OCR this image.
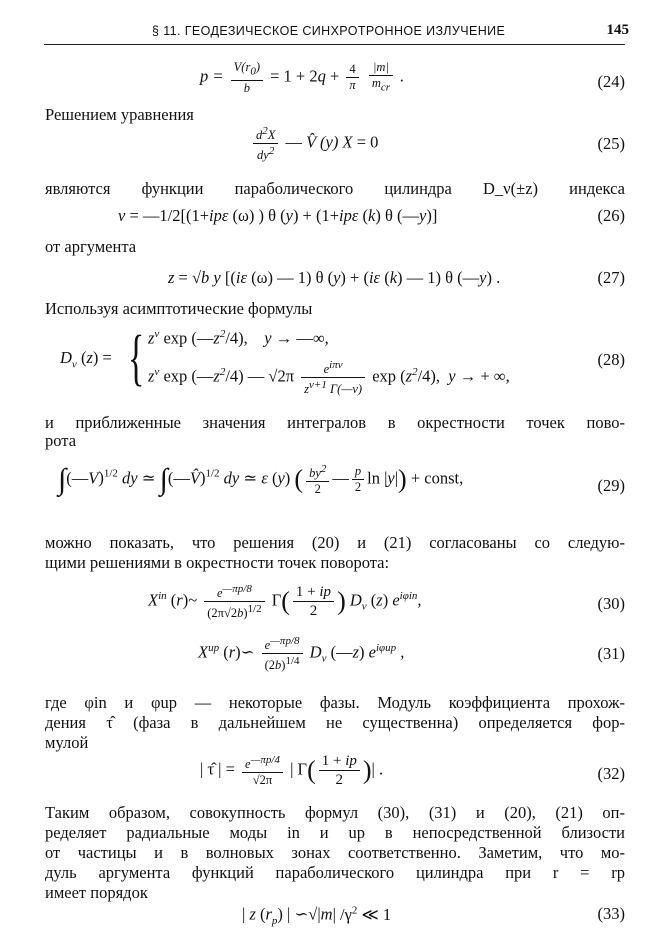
§ 11. ГЕОДЕЗИЧЕСКОЕ СИНХРОТРОННОЕ ИЗЛУЧЕНИЕ	145
$p = \frac{V(r_0)}{b} = 1 + 2q + \frac{4}{\pi}$
$\frac{|m|}{m_{cr}}$ .	(24)
Решением уравнения
$\frac{d^2X}{dy^2}$ — V̂ (y) X = 0	(25)
являются функции параболического цилиндра D_ν(±z) индекса
ν = —1/2[(1+ipε (ω) ) θ (y) + (1+ipε (k) θ (—y)]	(26)
от аргумента
z = √b y [(iε (ω) — 1) θ (y) + (iε (k) — 1) θ (—y) .	(27)
Используя асимптотические формулы
$D_\nu$ (z) = { $z^\nu$ $\exp (—z^2/4)$,    y → —∞,
$z^\nu$ $\exp (—z^2/4)$ — $√2\pi \frac{e^{i\pi\nu}}{z^{\nu+1} \Gamma(—\nu)}$ $\exp (z^2/4)$,  y → + ∞,
(28)
и приближенные значения интегралов в окрестности точек пово-
рота
∫(—V)$^{1/2}$ dy ≃ ∫(—V̂)$^{1/2}$ dy ≃ ε (y) ( $\frac{by^2}{2}$ — $\frac{p}{2}$ ln |y|) + const,	(29)
можно показать, что решения (20) и (21) согласованы со следую-
щими решениями в окрестности точек поворота:
$X^{in}$ (r)~ $\frac{e^{—\pi p/8}}{(2\pi√2b)^{1/2}} \Gamma( \frac{1 + ip}{2}$ ) $D_\nu$ (z) $e^{i\varphi in}$,	(30)
$X^{up}$ (r)∽ $\frac{e^{—\pi p/8}}{(2b)^{1/4}} D_\nu$ (—z) $e^{i\varphi up}$ ,	(31)
где φin и φup — некоторые фазы. Модуль коэффициента прохож-
дения τ̂ (фаза в дальнейшем не существенна) определяется фор-
мулой
| τ̂ | = $\frac{e^{—\pi p/4}}{√2\pi}$ | $\Gamma( \frac{1 + ip}{2}$ )| .	(32)
Таким образом, совокупность формул (30), (31) и (20), (21) оп-
ределяет радиальные моды in и up в непосредственной близости
от частицы и в волновых зонах соответственно. Заметим, что мо-
дуль аргумента функций параболического цилиндра при r = rp
имеет порядок
| z $(r_p)$ | ∽√|m| $/\gamma^2$ ≪ 1	(33)
